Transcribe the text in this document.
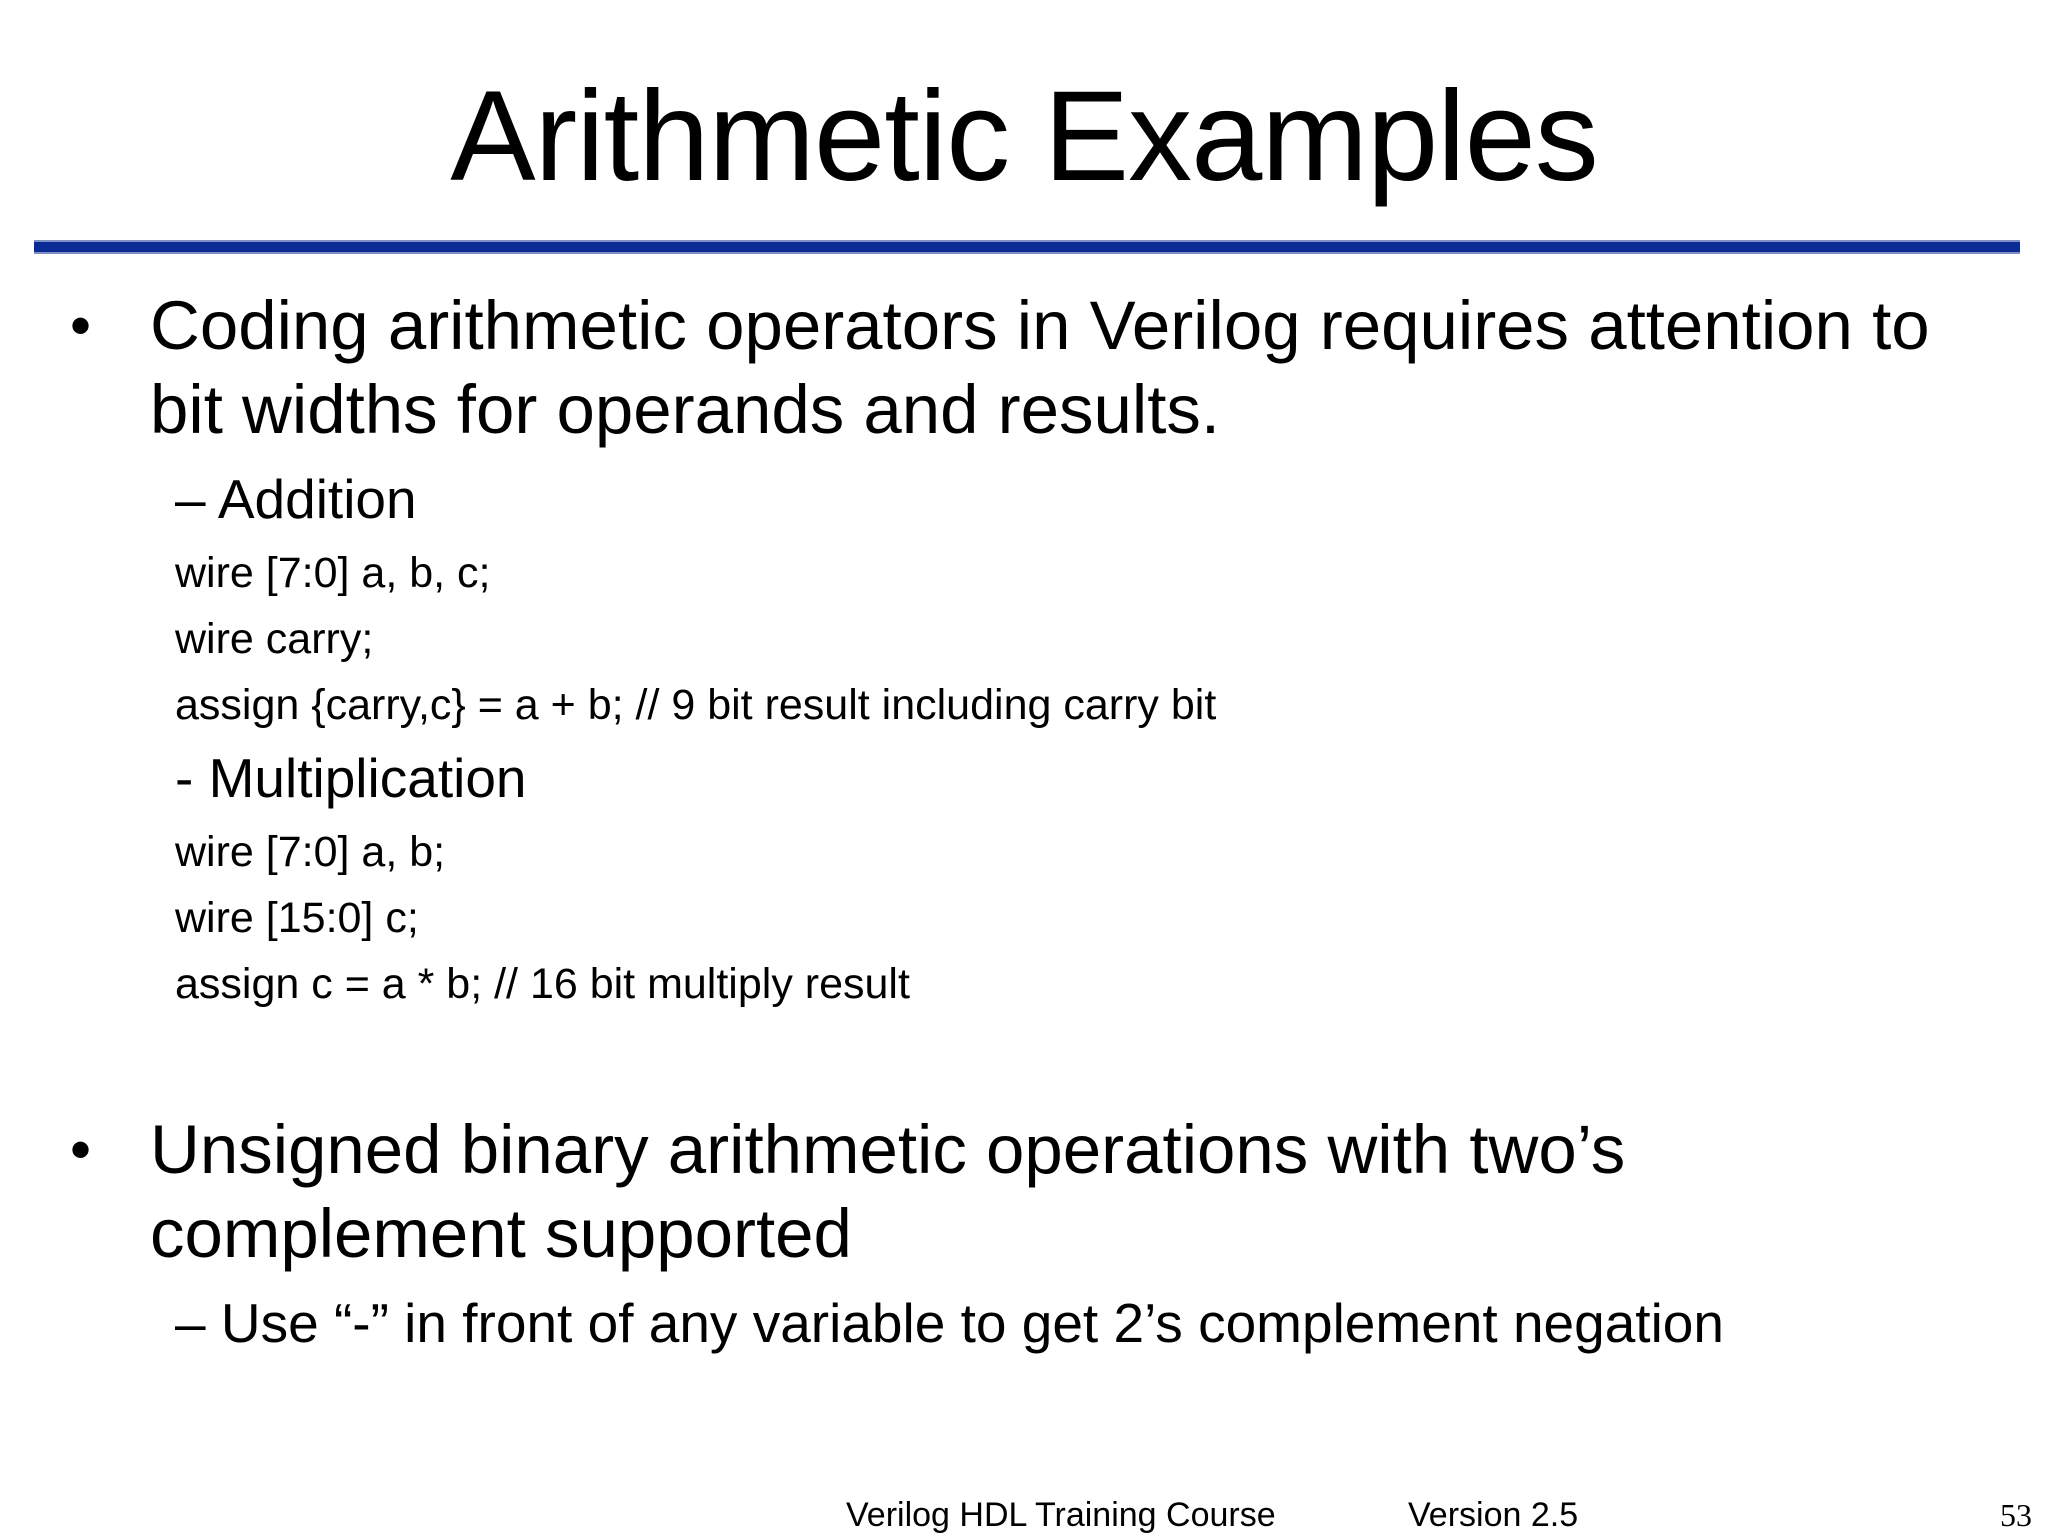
Arithmetic Examples
• Coding arithmetic operators in Verilog requires attention to
bit widths for operands and results.
– Addition
wire [7:0] a, b, c;
wire carry;
assign {carry,c} = a + b; // 9 bit result including carry bit
- Multiplication
wire [7:0] a, b;
wire [15:0] c;
assign c = a * b; // 16 bit multiply result
• Unsigned binary arithmetic operations with two’s
complement supported
– Use “-” in front of any variable to get 2’s complement negation
Verilog HDL Training Course	Version 2.5	53
